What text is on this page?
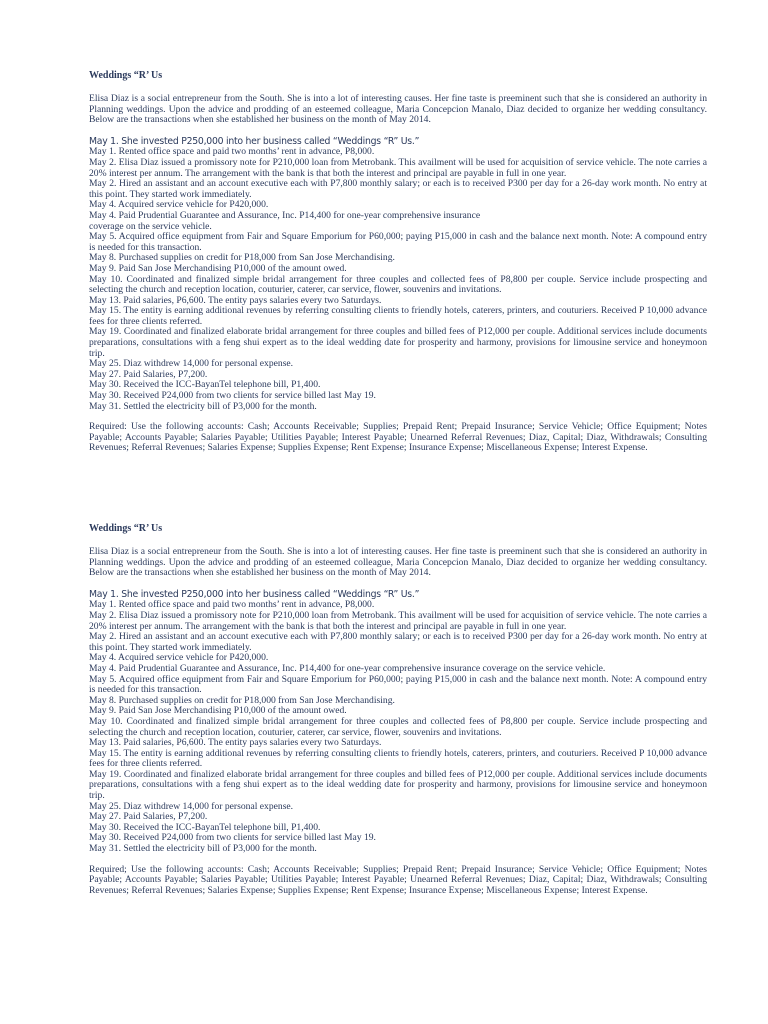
Weddings “R’ Us

Elisa Diaz is a social entrepreneur from the South. She is into a lot of interesting causes. Her fine taste is preeminent such that she is considered an authority in Planning weddings. Upon the advice and prodding of an esteemed colleague, Maria Concepcion Manalo, Diaz decided to organize her wedding consultancy. Below are the transactions when she established her business on the month of May 2014.

May 1. She invested P250,000 into her business called “Weddings “R” Us.”
May 1. Rented office space and paid two months’ rent in advance, P8,000.
May 2. Elisa Diaz issued a promissory note for P210,000 loan from Metrobank. This availment will be used for acquisition of service vehicle. The note carries a 20% interest per annum. The arrangement with the bank is that both the interest and principal are payable in full in one year.
May 2. Hired an assistant and an account executive each with P7,800 monthly salary; or each is to received P300 per day for a 26-day work month. No entry at this point. They started work immediately.
May 4. Acquired service vehicle for P420,000.
May 4. Paid Prudential Guarantee and Assurance, Inc. P14,400 for one-year comprehensive insurance
coverage on the service vehicle.
May 5. Acquired office equipment from Fair and Square Emporium for P60,000; paying P15,000 in cash and the balance next month. Note: A compound entry is needed for this transaction.
May 8. Purchased supplies on credit for P18,000 from San Jose Merchandising.
May 9. Paid San Jose Merchandising P10,000 of the amount owed.
May 10. Coordinated and finalized simple bridal arrangement for three couples and collected fees of P8,800 per couple. Service include prospecting and selecting the church and reception location, couturier, caterer, car service, flower, souvenirs and invitations.
May 13. Paid salaries, P6,600. The entity pays salaries every two Saturdays.
May 15. The entity is earning additional revenues by referring consulting clients to friendly hotels, caterers, printers, and couturiers. Received P 10,000 advance fees for three clients referred.
May 19. Coordinated and finalized elaborate bridal arrangement for three couples and billed fees of P12,000 per couple. Additional services include documents preparations, consultations with a feng shui expert as to the ideal wedding date for prosperity and harmony, provisions for limousine service and honeymoon trip.
May 25. Diaz withdrew 14,000 for personal expense.
May 27. Paid Salaries, P7,200.
May 30. Received the ICC-BayanTel telephone bill, P1,400.
May 30. Received P24,000 from two clients for service billed last May 19.
May 31. Settled the electricity bill of P3,000 for the month.

Required: Use the following accounts: Cash; Accounts Receivable; Supplies; Prepaid Rent; Prepaid Insurance; Service Vehicle; Office Equipment; Notes Payable; Accounts Payable; Salaries Payable; Utilities Payable; Interest Payable; Unearned Referral Revenues; Diaz, Capital; Diaz, Withdrawals; Consulting Revenues; Referral Revenues; Salaries Expense; Supplies Expense; Rent Expense; Insurance Expense; Miscellaneous Expense; Interest Expense.

Weddings “R’ Us

Elisa Diaz is a social entrepreneur from the South. She is into a lot of interesting causes. Her fine taste is preeminent such that she is considered an authority in Planning weddings. Upon the advice and prodding of an esteemed colleague, Maria Concepcion Manalo, Diaz decided to organize her wedding consultancy. Below are the transactions when she established her business on the month of May 2014.

May 1. She invested P250,000 into her business called “Weddings “R” Us.”
May 1. Rented office space and paid two months’ rent in advance, P8,000.
May 2. Elisa Diaz issued a promissory note for P210,000 loan from Metrobank. This availment will be used for acquisition of service vehicle. The note carries a 20% interest per annum. The arrangement with the bank is that both the interest and principal are payable in full in one year.
May 2. Hired an assistant and an account executive each with P7,800 monthly salary; or each is to received P300 per day for a 26-day work month. No entry at this point. They started work immediately.
May 4. Acquired service vehicle for P420,000.
May 4. Paid Prudential Guarantee and Assurance, Inc. P14,400 for one-year comprehensive insurance coverage on the service vehicle.
May 5. Acquired office equipment from Fair and Square Emporium for P60,000; paying P15,000 in cash and the balance next month. Note: A compound entry is needed for this transaction.
May 8. Purchased supplies on credit for P18,000 from San Jose Merchandising.
May 9. Paid San Jose Merchandising P10,000 of the amount owed.
May 10. Coordinated and finalized simple bridal arrangement for three couples and collected fees of P8,800 per couple. Service include prospecting and selecting the church and reception location, couturier, caterer, car service, flower, souvenirs and invitations.
May 13. Paid salaries, P6,600. The entity pays salaries every two Saturdays.
May 15. The entity is earning additional revenues by referring consulting clients to friendly hotels, caterers, printers, and couturiers. Received P 10,000 advance fees for three clients referred.
May 19. Coordinated and finalized elaborate bridal arrangement for three couples and billed fees of P12,000 per couple. Additional services include documents preparations, consultations with a feng shui expert as to the ideal wedding date for prosperity and harmony, provisions for limousine service and honeymoon trip.
May 25. Diaz withdrew 14,000 for personal expense.
May 27. Paid Salaries, P7,200.
May 30. Received the ICC-BayanTel telephone bill, P1,400.
May 30. Received P24,000 from two clients for service billed last May 19.
May 31. Settled the electricity bill of P3,000 for the month.

Required; Use the following accounts: Cash; Accounts Receivable; Supplies; Prepaid Rent; Prepaid Insurance; Service Vehicle; Office Equipment; Notes Payable; Accounts Payable; Salaries Payable; Utilities Payable; Interest Payable; Unearned Referral Revenues; Diaz, Capital; Diaz, Withdrawals; Consulting Revenues; Referral Revenues; Salaries Expense; Supplies Expense; Rent Expense; Insurance Expense; Miscellaneous Expense; Interest Expense.
